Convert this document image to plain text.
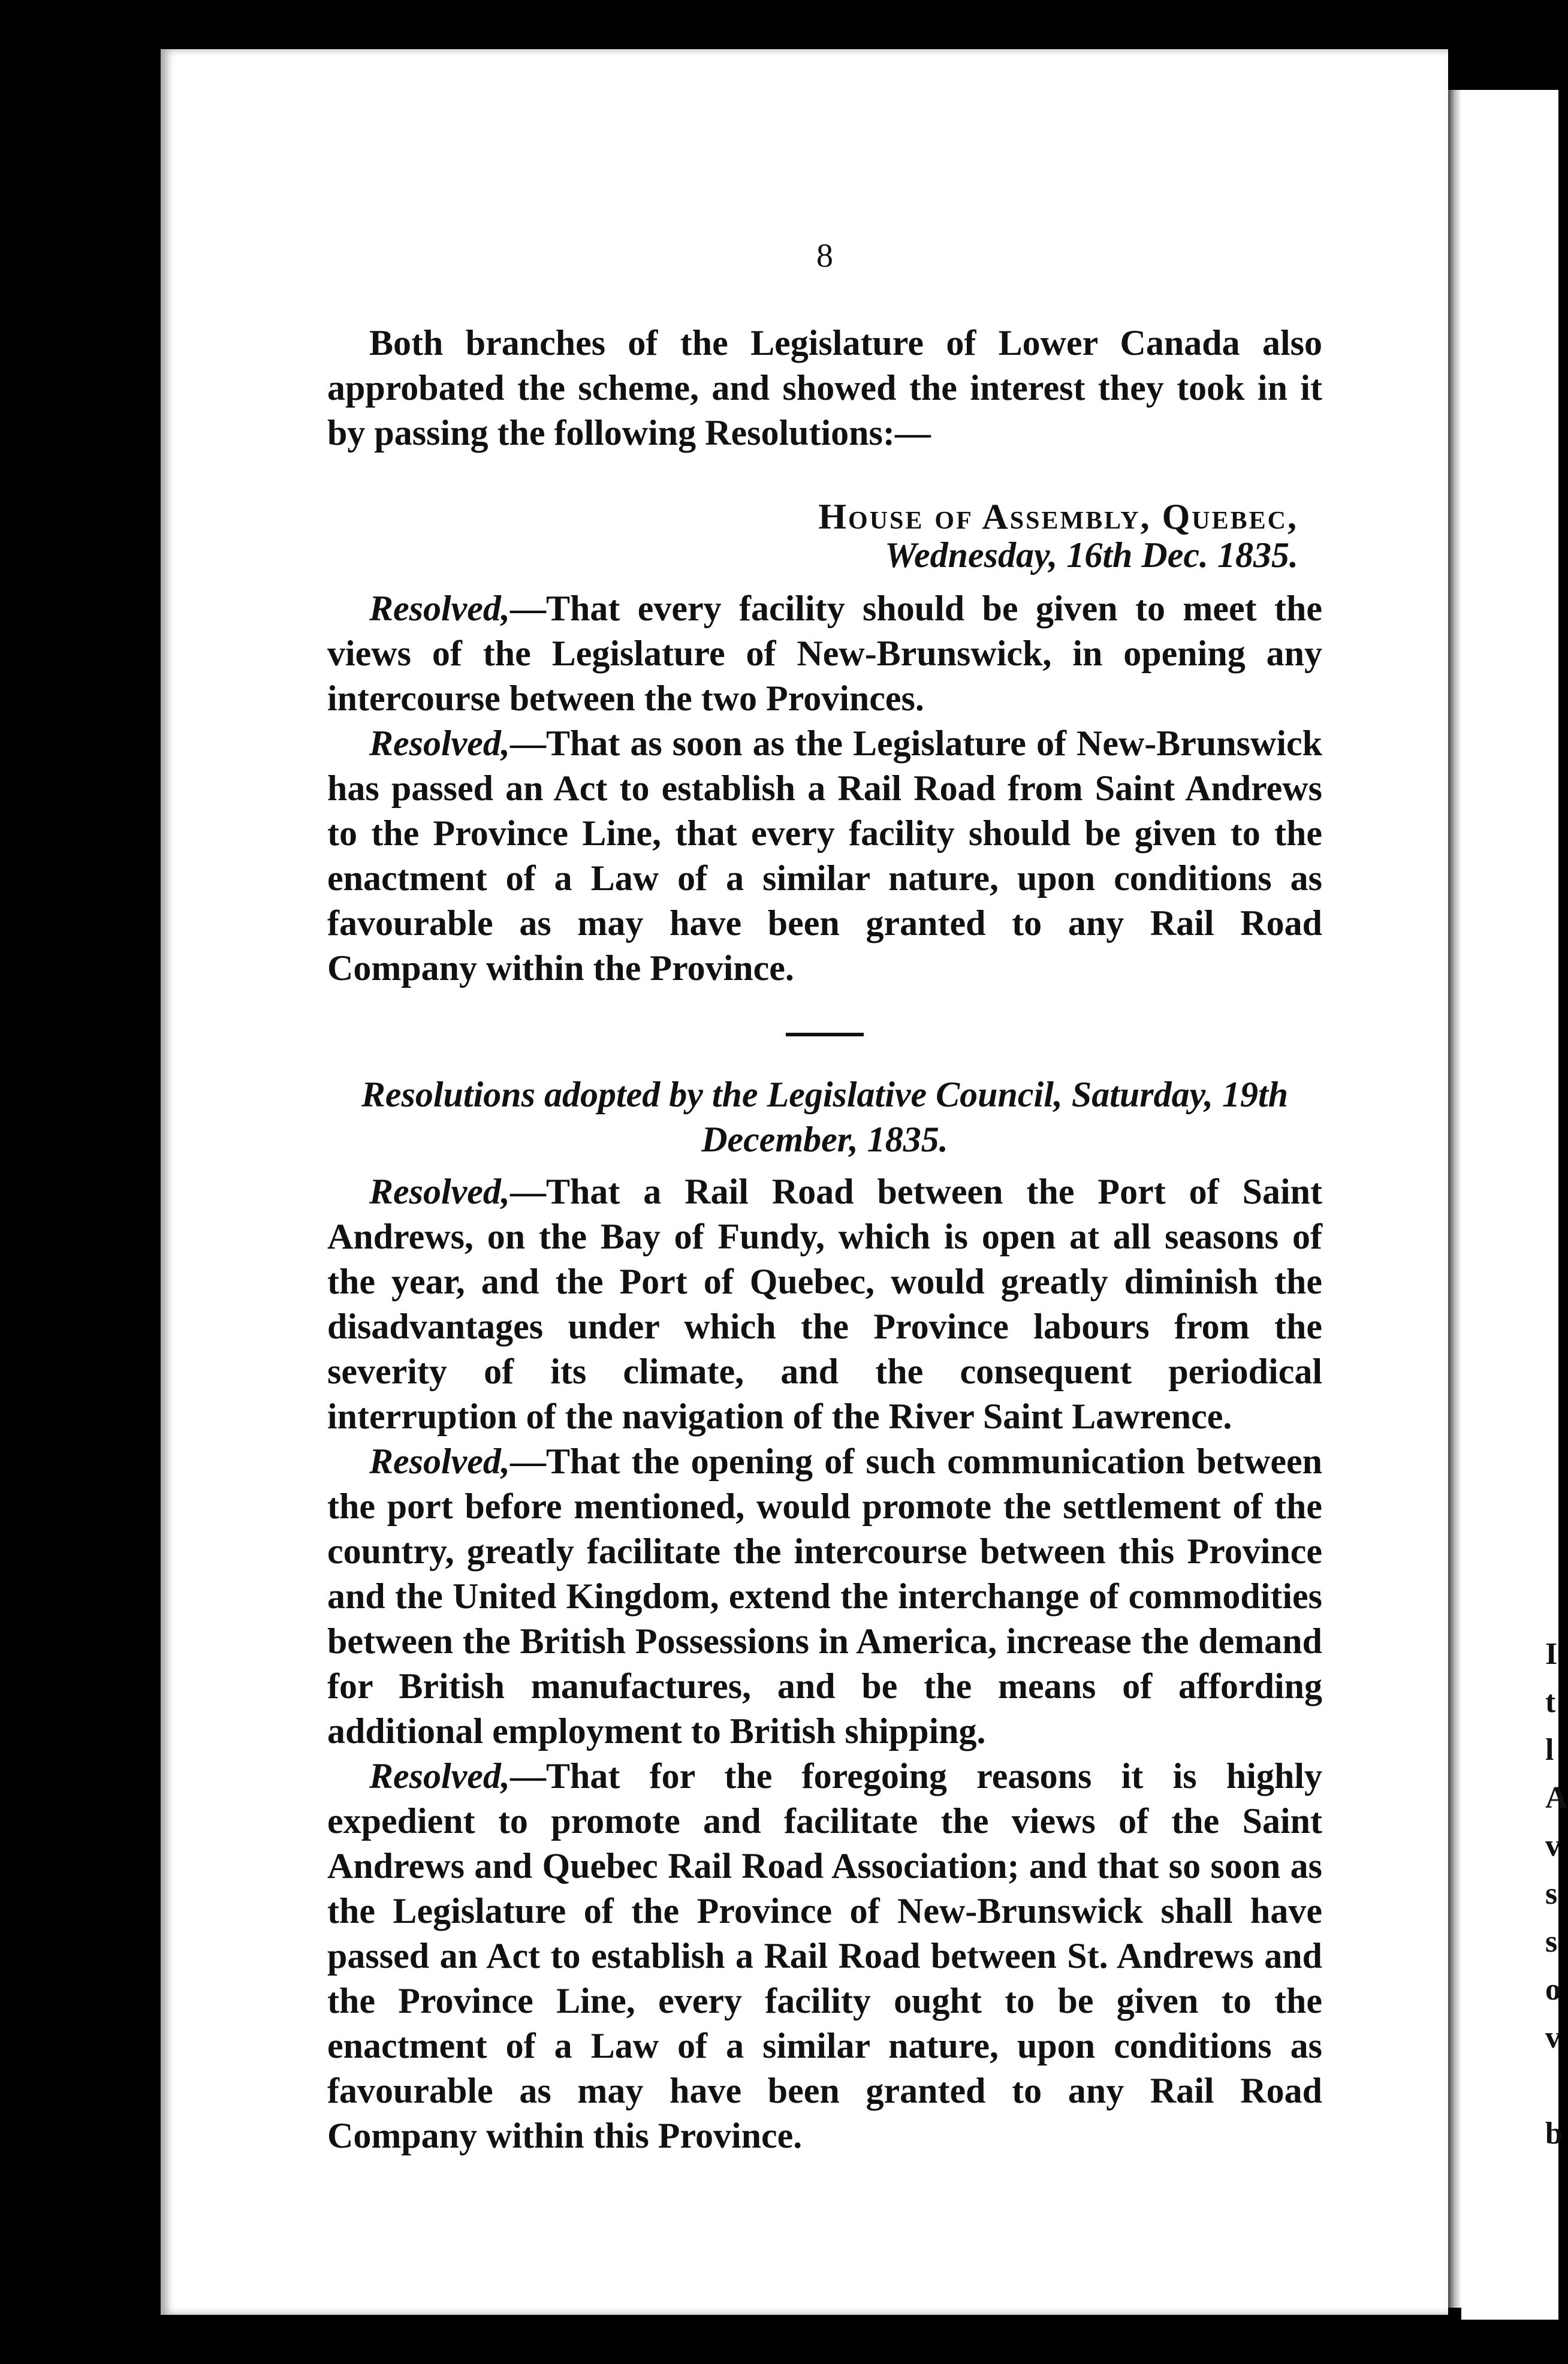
I
t
l
A
v
s
s
o
v
b
8

Both branches of the Legislature of Lower Canada also approbated the scheme, and showed the interest they took in it by passing the following Resolutions:—

House of Assembly, Quebec,
Wednesday, 16th Dec. 1835.

Resolved,—That every facility should be given to meet the views of the Legislature of New-Brunswick, in opening any intercourse between the two Provinces.

Resolved,—That as soon as the Legislature of New-Brunswick has passed an Act to establish a Rail Road from Saint Andrews to the Province Line, that every facility should be given to the enactment of a Law of a similar nature, upon conditions as favourable as may have been granted to any Rail Road Company within the Province.

Resolutions adopted by the Legislative Council, Saturday, 19th December, 1835.

Resolved,—That a Rail Road between the Port of Saint Andrews, on the Bay of Fundy, which is open at all seasons of the year, and the Port of Quebec, would greatly diminish the disadvantages under which the Province labours from the severity of its climate, and the consequent periodical interruption of the navigation of the River Saint Lawrence.

Resolved,—That the opening of such communication between the port before mentioned, would promote the settlement of the country, greatly facilitate the intercourse between this Province and the United Kingdom, extend the interchange of commodities between the British Possessions in America, increase the demand for British manufactures, and be the means of affording additional employment to British shipping.

Resolved,—That for the foregoing reasons it is highly expedient to promote and facilitate the views of the Saint Andrews and Quebec Rail Road Association; and that so soon as the Legislature of the Province of New-Brunswick shall have passed an Act to establish a Rail Road between St. Andrews and the Province Line, every facility ought to be given to the enactment of a Law of a similar nature, upon conditions as favourable as may have been granted to any Rail Road Company within this Province.
